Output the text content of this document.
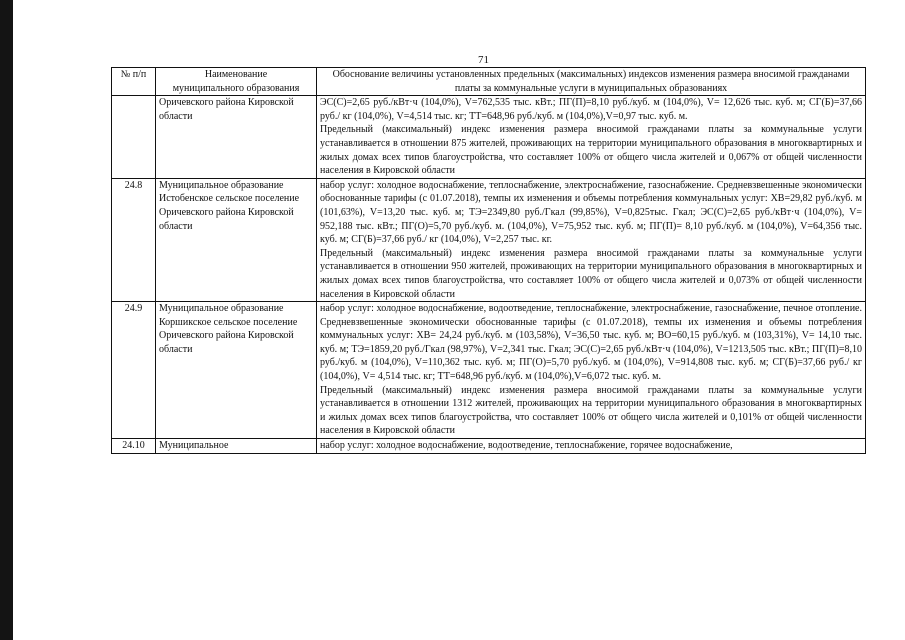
71
№ п/п	Наименование муниципального образования	Обоснование величины установленных предельных (максимальных) индексов изменения размера вносимой гражданами платы за коммунальные услуги в муниципальных образованиях
	Оричевского района Кировской области	ЭС(С)=2,65 руб./кВт·ч (104,0%), V=762,535 тыс. кВт.; ПГ(П)=8,10 руб./куб. м (104,0%), V= 12,626 тыс. куб. м; СГ(Б)=37,66 руб./ кг (104,0%), V=4,514 тыс. кг; ТТ=648,96 руб./куб. м (104,0%),V=0,97 тыс. куб. м.
Предельный (максимальный) индекс изменения размера вносимой гражданами платы за коммунальные услуги устанавливается в отношении 875 жителей, проживающих на территории муниципального образования в многоквартирных и жилых домах всех типов благоустройства, что составляет 100% от общего числа жителей и 0,067% от общей численности населения в Кировской области

24.8	Муниципальное образование Истобенское сельское поселение Оричевского района Кировской области	набор услуг: холодное водоснабжение, теплоснабжение, электроснабжение, газоснабжение. Средневзвешенные экономически обоснованные тарифы (с 01.07.2018), темпы их изменения и объемы потребления коммунальных услуг: ХВ=29,82 руб./куб. м (101,63%), V=13,20 тыс. куб. м; ТЭ=2349,80 руб./Гкал (99,85%), V=0,825тыс. Гкал; ЭС(С)=2,65 руб./кВт·ч (104,0%), V= 952,188 тыс. кВт.; ПГ(О)=5,70 руб./куб. м. (104,0%), V=75,952 тыс. куб. м; ПГ(П)= 8,10 руб./куб. м (104,0%), V=64,356 тыс. куб. м; СГ(Б)=37,66 руб./ кг (104,0%), V=2,257 тыс. кг.
Предельный (максимальный) индекс изменения размера вносимой гражданами платы за коммунальные услуги устанавливается в отношении 950 жителей, проживающих на территории муниципального образования в многоквартирных и жилых домах всех типов благоустройства, что составляет 100% от общего числа жителей и 0,073% от общей численности населения в Кировской области

24.9	Муниципальное образование Коршикское сельское поселение Оричевского района Кировской области	набор услуг: холодное водоснабжение, водоотведение, теплоснабжение, электроснабжение, газоснабжение, печное отопление. Средневзвешенные экономически обоснованные тарифы (с 01.07.2018), темпы их изменения и объемы потребления коммунальных услуг: ХВ= 24,24 руб./куб. м (103,58%), V=36,50 тыс. куб. м; ВО=60,15 руб./куб. м (103,31%), V= 14,10 тыс. куб. м; ТЭ=1859,20 руб./Гкал (98,97%), V=2,341 тыс. Гкал; ЭС(С)=2,65 руб./кВт·ч (104,0%), V=1213,505 тыс. кВт.; ПГ(П)=8,10 руб./куб. м (104,0%), V=110,362 тыс. куб. м; ПГ(О)=5,70 руб./куб. м (104,0%), V=914,808 тыс. куб. м; СГ(Б)=37,66 руб./ кг (104,0%), V= 4,514 тыс. кг; ТТ=648,96 руб./куб. м (104,0%),V=6,072 тыс. куб. м.
Предельный (максимальный) индекс изменения размера вносимой гражданами платы за коммунальные услуги устанавливается в отношении 1312 жителей, проживающих на территории муниципального образования в многоквартирных и жилых домах всех типов благоустройства, что составляет 100% от общего числа жителей и 0,101% от общей численности населения в Кировской области

24.10	Муниципальное	набор услуг: холодное водоснабжение, водоотведение, теплоснабжение, горячее водоснабжение,
